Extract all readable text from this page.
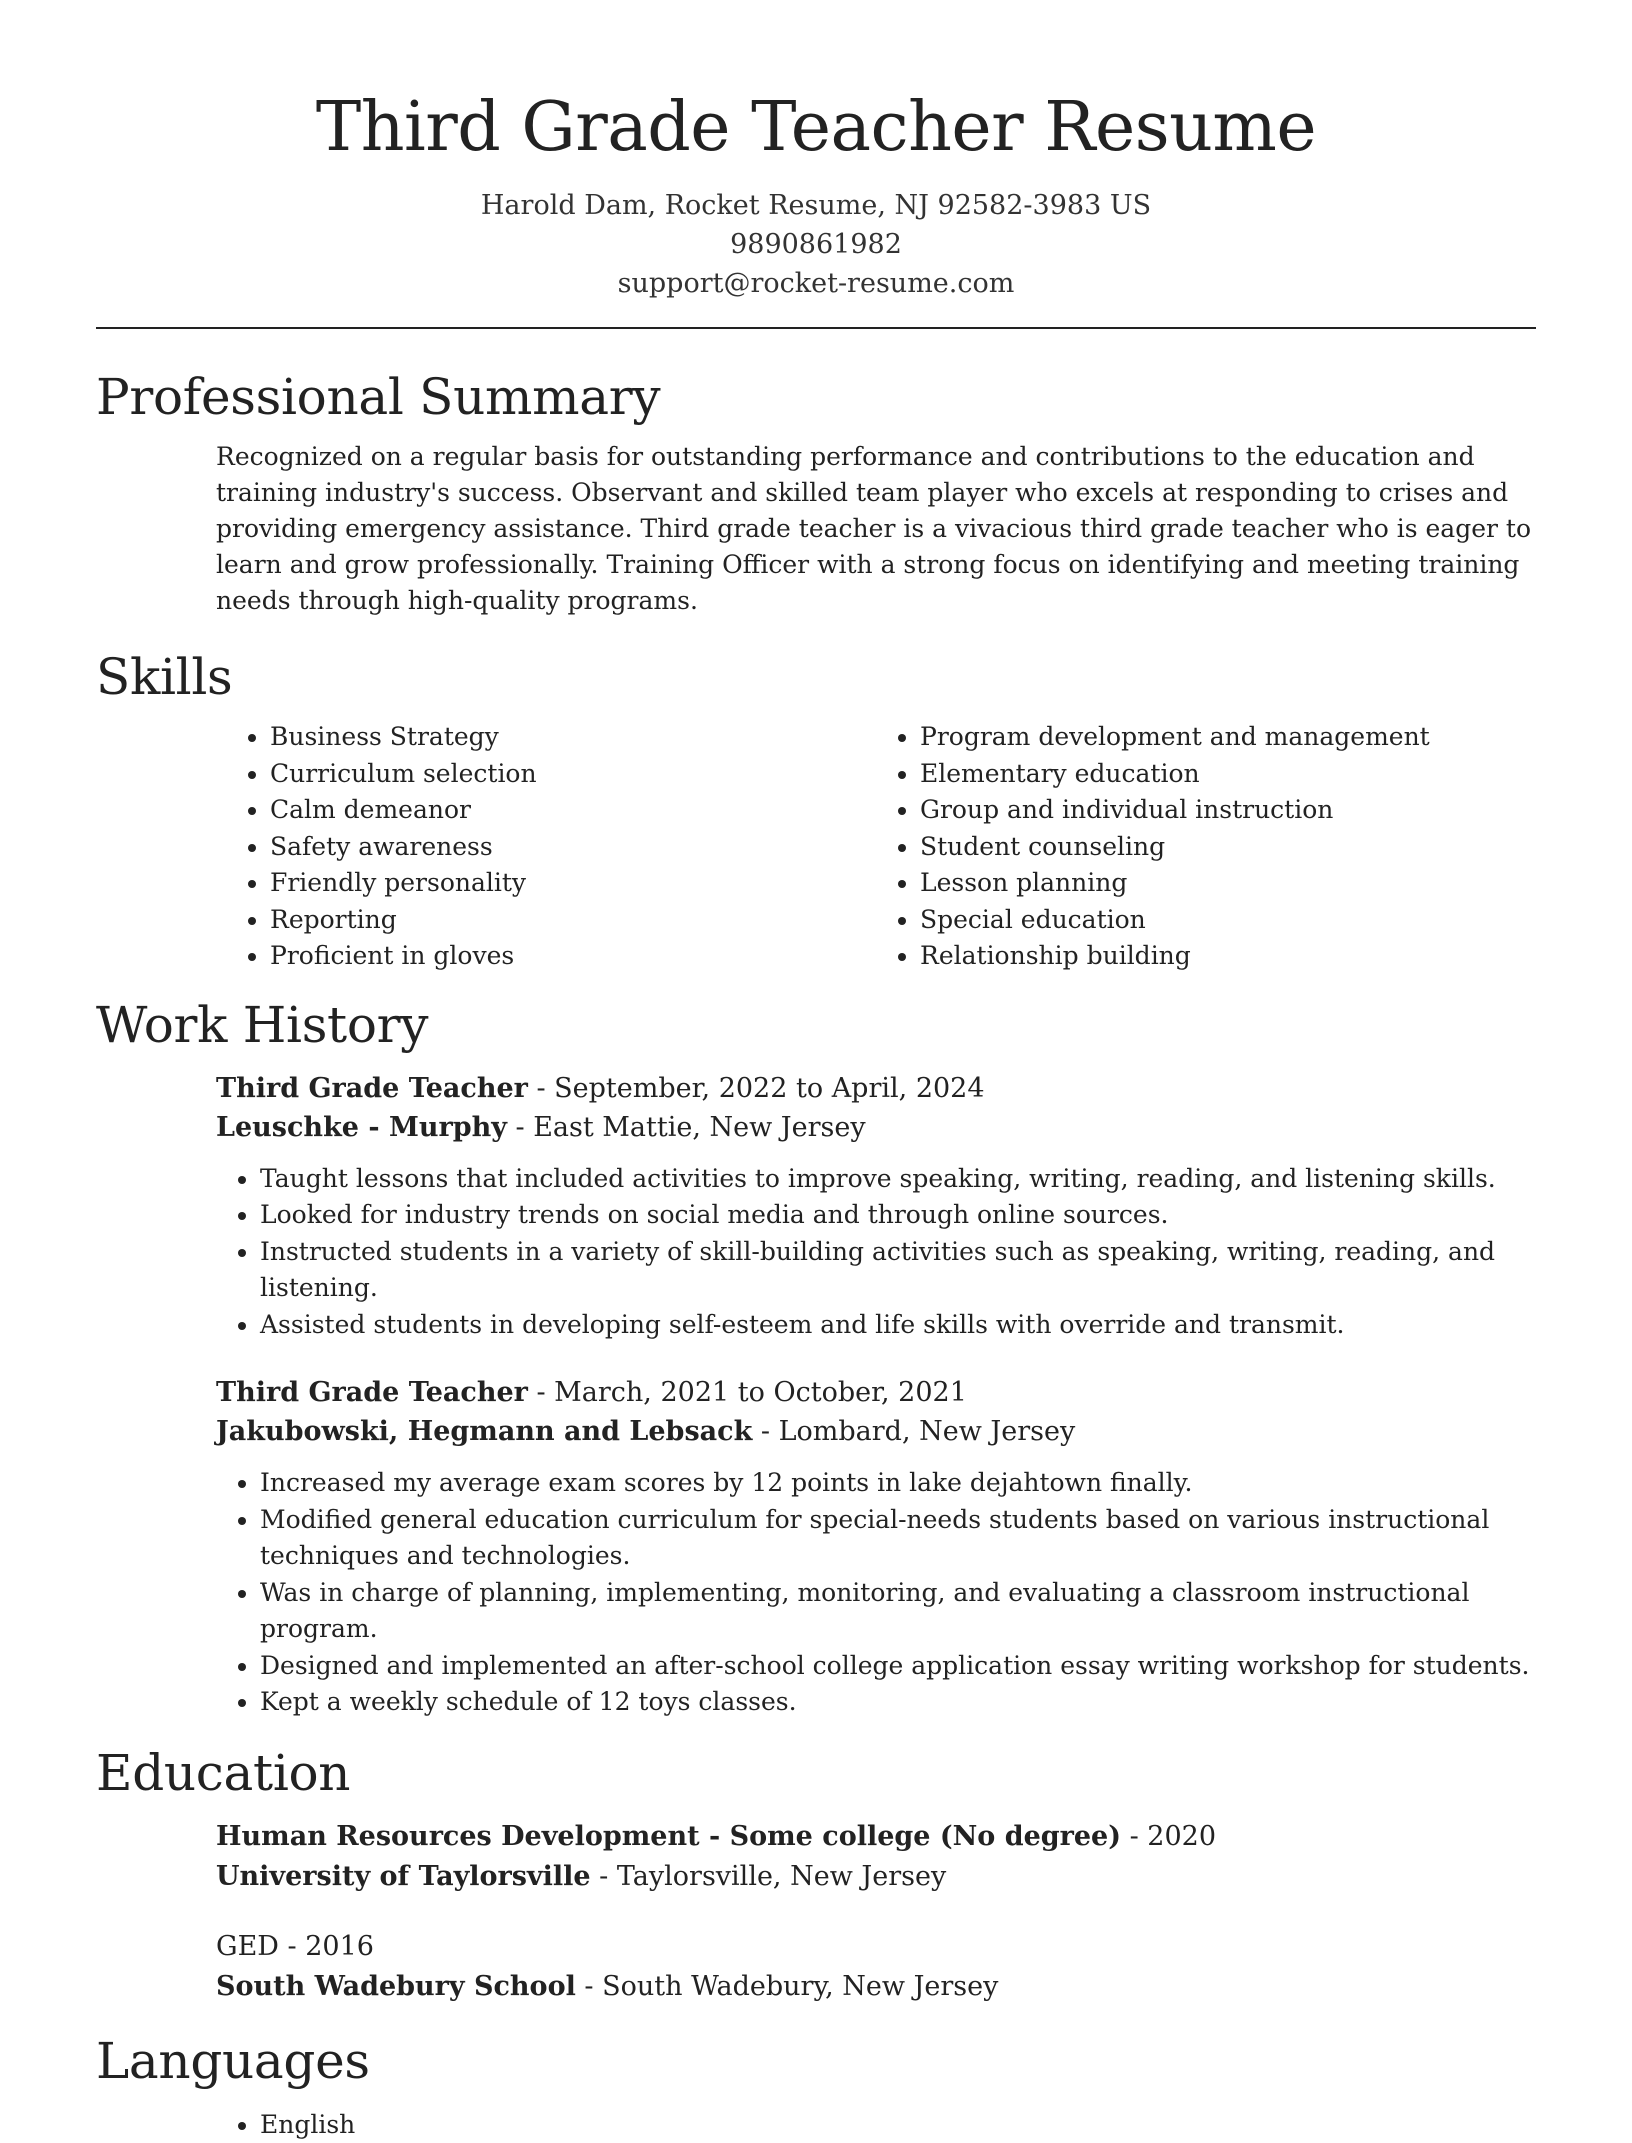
Third Grade Teacher Resume
Harold Dam, Rocket Resume, NJ 92582-3983 US
9890861982
support@rocket-resume.com
Professional Summary
Recognized on a regular basis for outstanding performance and contributions to the education and training industry's success. Observant and skilled team player who excels at responding to crises and providing emergency assistance. Third grade teacher is a vivacious third grade teacher who is eager to learn and grow professionally. Training Officer with a strong focus on identifying and meeting training needs through high-quality programs.
Skills
• Business Strategy
• Curriculum selection
• Calm demeanor
• Safety awareness
• Friendly personality
• Reporting
• Proficient in gloves
• Program development and management
• Elementary education
• Group and individual instruction
• Student counseling
• Lesson planning
• Special education
• Relationship building
Work History
Third Grade Teacher - September, 2022 to April, 2024
Leuschke - Murphy - East Mattie, New Jersey
• Taught lessons that included activities to improve speaking, writing, reading, and listening skills.
• Looked for industry trends on social media and through online sources.
• Instructed students in a variety of skill-building activities such as speaking, writing, reading, and listening.
• Assisted students in developing self-esteem and life skills with override and transmit.
Third Grade Teacher - March, 2021 to October, 2021
Jakubowski, Hegmann and Lebsack - Lombard, New Jersey
• Increased my average exam scores by 12 points in lake dejahtown finally.
• Modified general education curriculum for special-needs students based on various instructional techniques and technologies.
• Was in charge of planning, implementing, monitoring, and evaluating a classroom instructional program.
• Designed and implemented an after-school college application essay writing workshop for students.
• Kept a weekly schedule of 12 toys classes.
Education
Human Resources Development - Some college (No degree) - 2020
University of Taylorsville - Taylorsville, New Jersey
GED - 2016
South Wadebury School - South Wadebury, New Jersey
Languages
• English
